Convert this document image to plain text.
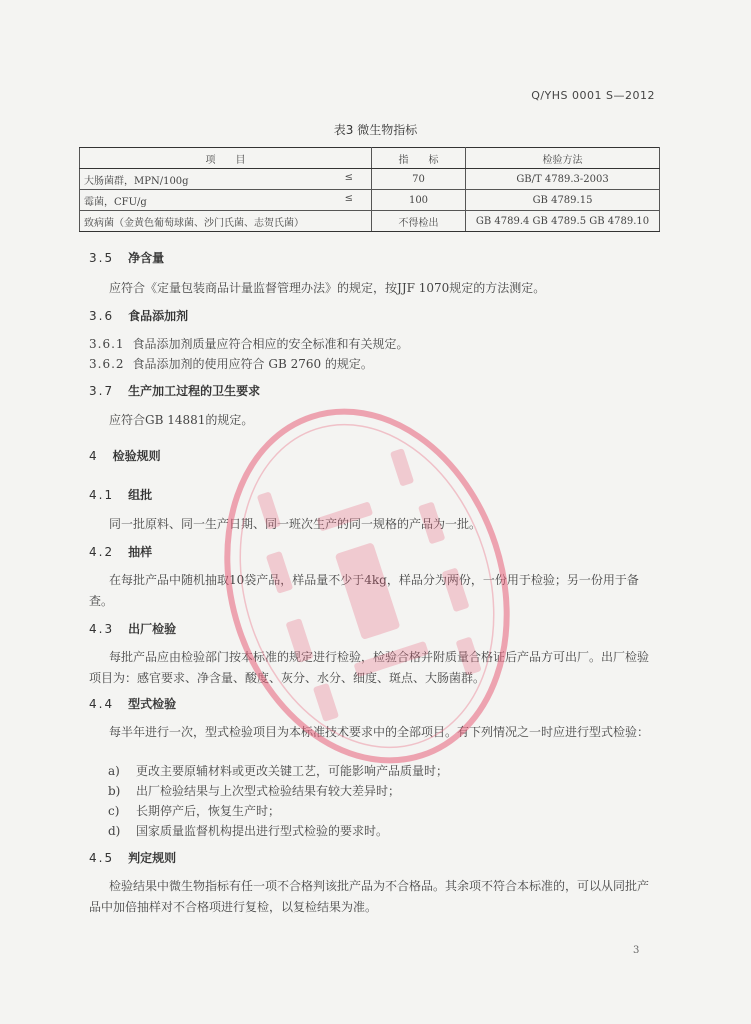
Q/YHS 0001 S—2012
表3 微生物指标
项　　目	指　　标	检验方法
大肠菌群，MPN/100g ≤	70	GB/T 4789.3-2003
霉菌，CFU/g ≤	100	GB 4789.15
致病菌（金黄色葡萄球菌、沙门氏菌、志贺氏菌）	不得检出	GB 4789.4 GB 4789.5 GB 4789.10
3.5 净含量
应符合《定量包装商品计量监督管理办法》的规定，按JJF 1070规定的方法测定。
3.6 食品添加剂
3.6.1 食品添加剂质量应符合相应的安全标准和有关规定。
3.6.2 食品添加剂的使用应符合 GB 2760 的规定。
3.7 生产加工过程的卫生要求
应符合GB 14881的规定。
4 检验规则
4.1 组批
同一批原料、同一生产日期、同一班次生产的同一规格的产品为一批。
4.2 抽样
在每批产品中随机抽取10袋产品，样品量不少于4kg，样品分为两份，一份用于检验；另一份用于备查。
4.3 出厂检验
每批产品应由检验部门按本标准的规定进行检验，检验合格并附质量合格证后产品方可出厂。出厂检验项目为：感官要求、净含量、酸度、灰分、水分、细度、斑点、大肠菌群。
4.4 型式检验
每半年进行一次，型式检验项目为本标准技术要求中的全部项目。有下列情况之一时应进行型式检验：
a) 更改主要原辅材料或更改关键工艺，可能影响产品质量时；
b) 出厂检验结果与上次型式检验结果有较大差异时；
c) 长期停产后，恢复生产时；
d) 国家质量监督机构提出进行型式检验的要求时。
4.5 判定规则
检验结果中微生物指标有任一项不合格判该批产品为不合格品。其余项不符合本标准的，可以从同批产品中加倍抽样对不合格项进行复检，以复检结果为准。
3
